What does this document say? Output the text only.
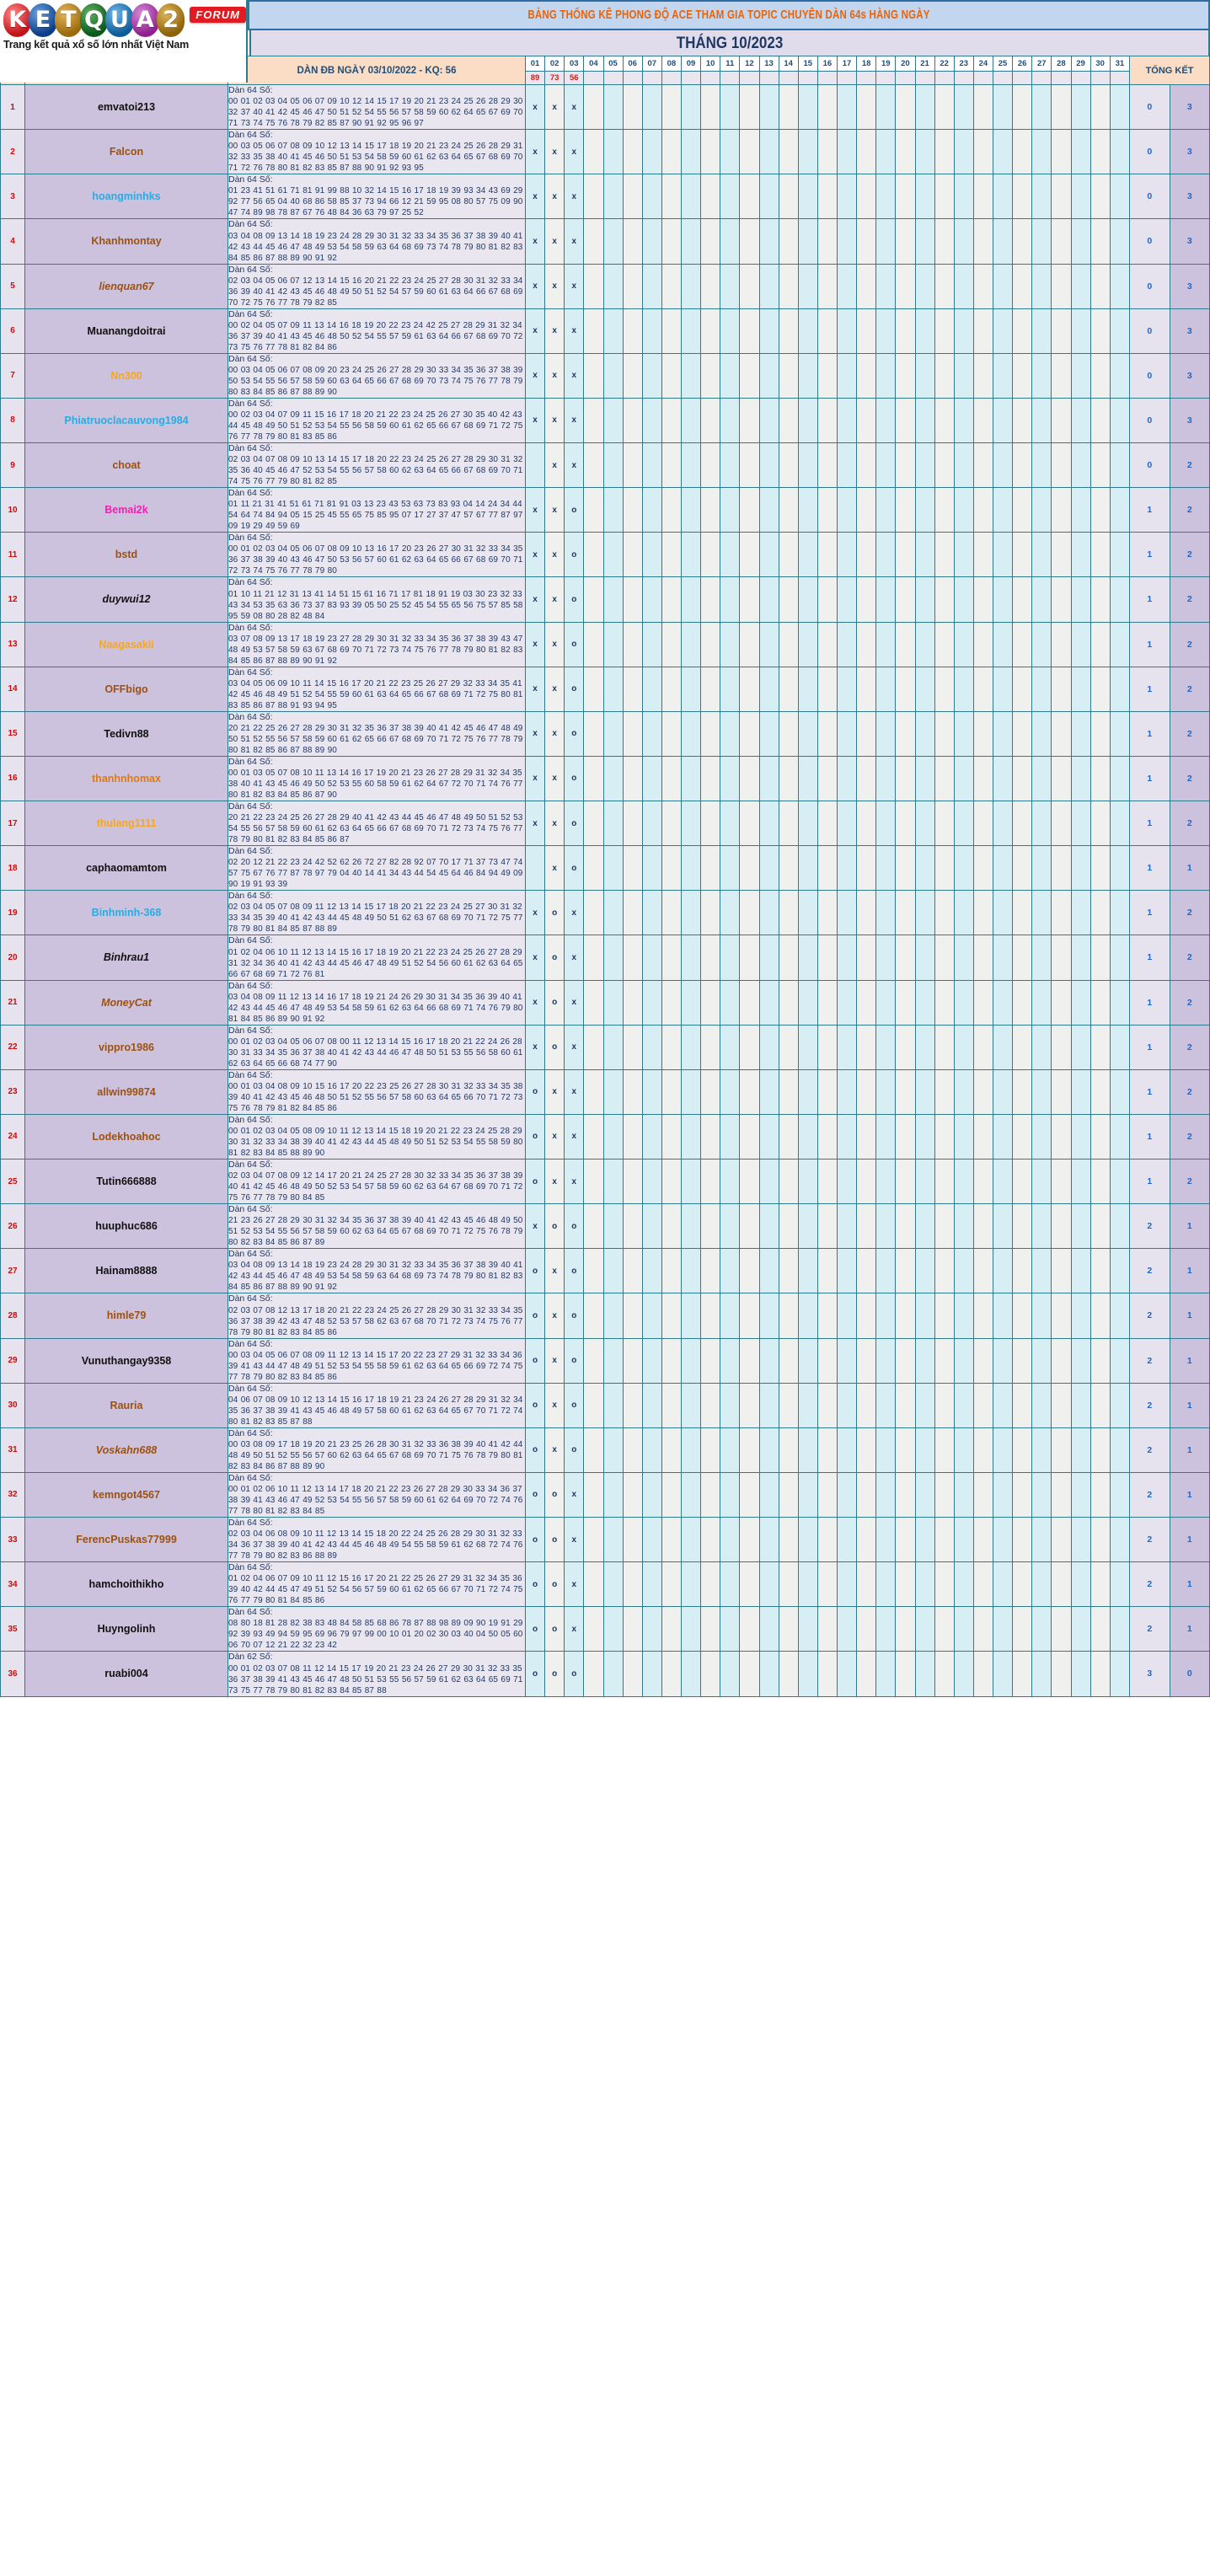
BẢNG THỐNG KÊ PHONG ĐỘ ACE THAM GIA TOPIC CHUYÊN DÀN 64s HÀNG NGÀY
THÁNG 10/2023
K E T Q U A 2	FORUM
Trang kết quả xổ số lớn nhất Việt Nam
		DÀN ĐB NGÀY 03/10/2022 - KQ: 56	01	02	03	04	05	06	07	08	09	10	11	12	13	14	15	16	17	18	19	20	21	22	23	24	25	26	27	28	29	30	31	TỔNG KẾT	
			89	73	56																														
1	emvatoi213	Dàn 64 Số:
00 01 02 03 04 05 06 07 09 10 12 14 15 17 19 20 21 23 24 25 26 28 29 30 32 37 40 41 42 45 46 47 50 51 52 54 55 56 57 58 59 60 62 64 65 67 69 70 71 73 74 75 76 78 79 82 85 87 90 91 92 95 96 97	x	x	x																													0	3
2	Falcon	Dàn 64 Số:
00 03 05 06 07 08 09 10 12 13 14 15 17 18 19 20 21 23 24 25 26 28 29 31 32 33 35 38 40 41 45 46 50 51 53 54 58 59 60 61 62 63 64 65 67 68 69 70 71 72 76 78 80 81 82 83 85 87 88 90 91 92 93 95	x	x	x																													0	3
3	hoangminhks	Dàn 64 Số:
01 23 41 51 61 71 81 91 99 88 10 32 14 15 16 17 18 19 39 93 34 43 69 29 92 77 56 65 04 40 68 86 58 85 37 73 94 66 12 21 59 95 08 80 57 75 09 90 47 74 89 98 78 87 67 76 48 84 36 63 79 97 25 52	x	x	x																													0	3
4	Khanhmontay	Dàn 64 Số:
03 04 08 09 13 14 18 19 23 24 28 29 30 31 32 33 34 35 36 37 38 39 40 41 42 43 44 45 46 47 48 49 53 54 58 59 63 64 68 69 73 74 78 79 80 81 82 83 84 85 86 87 88 89 90 91 92	x	x	x																													0	3
5	lienquan67	Dàn 64 Số:
02 03 04 05 06 07 12 13 14 15 16 20 21 22 23 24 25 27 28 30 31 32 33 34 36 39 40 41 42 43 45 46 48 49 50 51 52 54 57 59 60 61 63 64 66 67 68 69 70 72 75 76 77 78 79 82 85	x	x	x																													0	3
6	Muanangdoitrai	Dàn 64 Số:
00 02 04 05 07 09 11 13 14 16 18 19 20 22 23 24 42 25 27 28 29 31 32 34 36 37 39 40 41 43 45 46 48 50 52 54 55 57 59 61 63 64 66 67 68 69 70 72 73 75 76 77 78 81 82 84 86	x	x	x																													0	3
7	Nn300	Dàn 64 Số:
00 03 04 05 06 07 08 09 20 23 24 25 26 27 28 29 30 33 34 35 36 37 38 39 50 53 54 55 56 57 58 59 60 63 64 65 66 67 68 69 70 73 74 75 76 77 78 79 80 83 84 85 86 87 88 89 90	x	x	x																													0	3
8	Phiatruoclacauvong1984	Dàn 64 Số:
00 02 03 04 07 09 11 15 16 17 18 20 21 22 23 24 25 26 27 30 35 40 42 43 44 45 48 49 50 51 52 53 54 55 56 58 59 60 61 62 65 66 67 68 69 71 72 75 76 77 78 79 80 81 83 85 86	x	x	x																													0	3
9	choat	Dàn 64 Số:
02 03 04 07 08 09 10 13 14 15 17 18 20 22 23 24 25 26 27 28 29 30 31 32 35 36 40 45 46 47 52 53 54 55 56 57 58 60 62 63 64 65 66 67 68 69 70 71 74 75 76 77 79 80 81 82 85		x	x																													0	2
10	Bemai2k	Dàn 64 Số:
01 11 21 31 41 51 61 71 81 91 03 13 23 43 53 63 73 83 93 04 14 24 34 44 54 64 74 84 94 05 15 25 45 55 65 75 85 95 07 17 27 37 47 57 67 77 87 97 09 19 29 49 59 69	x	x	o																													1	2
11	bstd	Dàn 64 Số:
00 01 02 03 04 05 06 07 08 09 10 13 16 17 20 23 26 27 30 31 32 33 34 35 36 37 38 39 40 43 46 47 50 53 56 57 60 61 62 63 64 65 66 67 68 69 70 71 72 73 74 75 76 77 78 79 80	x	x	o																													1	2
12	duywui12	Dàn 64 Số:
01 10 11 21 12 31 13 41 14 51 15 61 16 71 17 81 18 91 19 03 30 23 32 33 43 34 53 35 63 36 73 37 83 93 39 05 50 25 52 45 54 55 65 56 75 57 85 58 95 59 08 80 28 82 48 84	x	x	o																													1	2
13	Naagasakii	Dàn 64 Số:
03 07 08 09 13 17 18 19 23 27 28 29 30 31 32 33 34 35 36 37 38 39 43 47 48 49 53 57 58 59 63 67 68 69 70 71 72 73 74 75 76 77 78 79 80 81 82 83 84 85 86 87 88 89 90 91 92	x	x	o																													1	2
14	OFFbigo	Dàn 64 Số:
03 04 05 06 09 10 11 14 15 16 17 20 21 22 23 25 26 27 29 32 33 34 35 41 42 45 46 48 49 51 52 54 55 59 60 61 63 64 65 66 67 68 69 71 72 75 80 81 83 85 86 87 88 91 93 94 95	x	x	o																													1	2
15	Tedivn88	Dàn 64 Số:
20 21 22 25 26 27 28 29 30 31 32 35 36 37 38 39 40 41 42 45 46 47 48 49 50 51 52 55 56 57 58 59 60 61 62 65 66 67 68 69 70 71 72 75 76 77 78 79 80 81 82 85 86 87 88 89 90	x	x	o																													1	2
16	thanhnhomax	Dàn 64 Số:
00 01 03 05 07 08 10 11 13 14 16 17 19 20 21 23 26 27 28 29 31 32 34 35 38 40 41 43 45 46 49 50 52 53 55 60 58 59 61 62 64 67 72 70 71 74 76 77 80 81 82 83 84 85 86 87 90	x	x	o																													1	2
17	thulang1111	Dàn 64 Số:
20 21 22 23 24 25 26 27 28 29 40 41 42 43 44 45 46 47 48 49 50 51 52 53 54 55 56 57 58 59 60 61 62 63 64 65 66 67 68 69 70 71 72 73 74 75 76 77 78 79 80 81 82 83 84 85 86 87	x	x	o																													1	2
18	caphaomamtom	Dàn 64 Số:
02 20 12 21 22 23 24 42 52 62 26 72 27 82 28 92 07 70 17 71 37 73 47 74 57 75 67 76 77 87 78 97 79 04 40 14 41 34 43 44 54 45 64 46 84 94 49 09 90 19 91 93 39		x	o																													1	1
19	Binhminh-368	Dàn 64 Số:
02 03 04 05 07 08 09 11 12 13 14 15 17 18 20 21 22 23 24 25 27 30 31 32 33 34 35 39 40 41 42 43 44 45 48 49 50 51 62 63 67 68 69 70 71 72 75 77 78 79 80 81 84 85 87 88 89	x	o	x																													1	2
20	Binhrau1	Dàn 64 Số:
01 02 04 06 10 11 12 13 14 15 16 17 18 19 20 21 22 23 24 25 26 27 28 29 31 32 34 36 40 41 42 43 44 45 46 47 48 49 51 52 54 56 60 61 62 63 64 65 66 67 68 69 71 72 76 81	x	o	x																													1	2
21	MoneyCat	Dàn 64 Số:
03 04 08 09 11 12 13 14 16 17 18 19 21 24 26 29 30 31 34 35 36 39 40 41 42 43 44 45 46 47 48 49 53 54 58 59 61 62 63 64 66 68 69 71 74 76 79 80 81 84 85 86 89 90 91 92	x	o	x																													1	2
22	vippro1986	Dàn 64 Số:
00 01 02 03 04 05 06 07 08 00 11 12 13 14 15 16 17 18 20 21 22 24 26 28 30 31 33 34 35 36 37 38 40 41 42 43 44 46 47 48 50 51 53 55 56 58 60 61 62 63 64 65 66 68 74 77 90	x	o	x																													1	2
23	allwin99874	Dàn 64 Số:
00 01 03 04 08 09 10 15 16 17 20 22 23 25 26 27 28 30 31 32 33 34 35 38 39 40 41 42 43 45 46 48 50 51 52 55 56 57 58 60 63 64 65 66 70 71 72 73 75 76 78 79 81 82 84 85 86	o	x	x																													1	2
24	Lodekhoahoc	Dàn 64 Số:
00 01 02 03 04 05 08 09 10 11 12 13 14 15 18 19 20 21 22 23 24 25 28 29 30 31 32 33 34 38 39 40 41 42 43 44 45 48 49 50 51 52 53 54 55 58 59 80 81 82 83 84 85 88 89 90	o	x	x																													1	2
25	Tutin666888	Dàn 64 Số:
02 03 04 07 08 09 12 14 17 20 21 24 25 27 28 30 32 33 34 35 36 37 38 39 40 41 42 45 46 48 49 50 52 53 54 57 58 59 60 62 63 64 67 68 69 70 71 72 75 76 77 78 79 80 84 85	o	x	x																													1	2
26	huuphuc686	Dàn 64 Số:
21 23 26 27 28 29 30 31 32 34 35 36 37 38 39 40 41 42 43 45 46 48 49 50 51 52 53 54 55 56 57 58 59 60 62 63 64 65 67 68 69 70 71 72 75 76 78 79 80 82 83 84 85 86 87 89	x	o	o																													2	1
27	Hainam8888	Dàn 64 Số:
03 04 08 09 13 14 18 19 23 24 28 29 30 31 32 33 34 35 36 37 38 39 40 41 42 43 44 45 46 47 48 49 53 54 58 59 63 64 68 69 73 74 78 79 80 81 82 83 84 85 86 87 88 89 90 91 92	o	x	o																													2	1
28	himle79	Dàn 64 Số:
02 03 07 08 12 13 17 18 20 21 22 23 24 25 26 27 28 29 30 31 32 33 34 35 36 37 38 39 42 43 47 48 52 53 57 58 62 63 67 68 70 71 72 73 74 75 76 77 78 79 80 81 82 83 84 85 86	o	x	o																													2	1
29	Vunuthangay9358	Dàn 64 Số:
00 03 04 05 06 07 08 09 11 12 13 14 15 17 20 22 23 27 29 31 32 33 34 36 39 41 43 44 47 48 49 51 52 53 54 55 58 59 61 62 63 64 65 66 69 72 74 75 77 78 79 80 82 83 84 85 86	o	x	o																													2	1
30	Rauria	Dàn 64 Số:
04 06 07 08 09 10 12 13 14 15 16 17 18 19 21 23 24 26 27 28 29 31 32 34 35 36 37 38 39 41 43 45 46 48 49 57 58 60 61 62 63 64 65 67 70 71 72 74 80 81 82 83 85 87 88	o	x	o																													2	1
31	Voskahn688	Dàn 64 Số:
00 03 08 09 17 18 19 20 21 23 25 26 28 30 31 32 33 36 38 39 40 41 42 44 48 49 50 51 52 55 56 57 60 62 63 64 65 67 68 69 70 71 75 76 78 79 80 81 82 83 84 86 87 88 89 90	o	x	o																													2	1
32	kemngot4567	Dàn 64 Số:
00 01 02 06 10 11 12 13 14 17 18 20 21 22 23 26 27 28 29 30 33 34 36 37 38 39 41 43 46 47 49 52 53 54 55 56 57 58 59 60 61 62 64 69 70 72 74 76 77 78 80 81 82 83 84 85	o	o	x																													2	1
33	FerencPuskas77999	Dàn 64 Số:
02 03 04 06 08 09 10 11 12 13 14 15 18 20 22 24 25 26 28 29 30 31 32 33 34 36 37 38 39 40 41 42 43 44 45 46 48 49 54 55 58 59 61 62 68 72 74 76 77 78 79 80 82 83 86 88 89	o	o	x																													2	1
34	hamchoithikho	Dàn 64 Số:
01 02 04 06 07 09 10 11 12 15 16 17 20 21 22 25 26 27 29 31 32 34 35 36 39 40 42 44 45 47 49 51 52 54 56 57 59 60 61 62 65 66 67 70 71 72 74 75 76 77 79 80 81 84 85 86	o	o	x																													2	1
35	Huyngolinh	Dàn 64 Số:
08 80 18 81 28 82 38 83 48 84 58 85 68 86 78 87 88 98 89 09 90 19 91 29 92 39 93 49 94 59 95 69 96 79 97 99 00 10 01 20 02 30 03 40 04 50 05 60 06 70 07 12 21 22 32 23 42	o	o	x																													2	1
36	ruabi004	Dàn 62 Số:
00 01 02 03 07 08 11 12 14 15 17 19 20 21 23 24 26 27 29 30 31 32 33 35 36 37 38 39 41 43 45 46 47 48 50 51 53 55 56 57 59 61 62 63 64 65 69 71 73 75 77 78 79 80 81 82 83 84 85 87 88	o	o	o																													3	0
